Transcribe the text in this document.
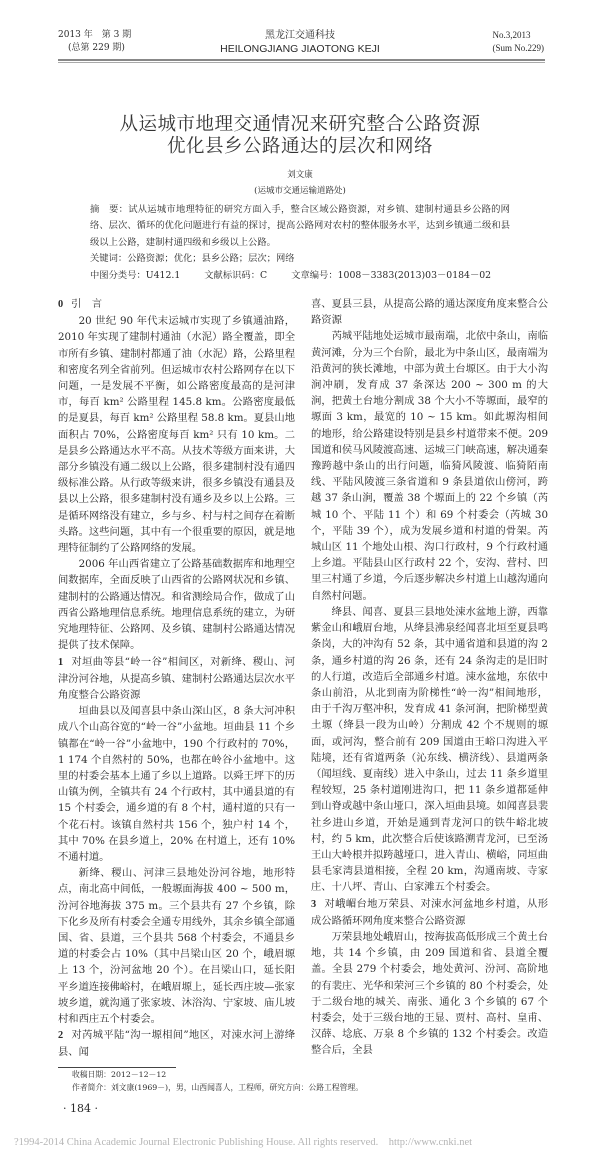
2013 年　第 3 期
(总第 229 期)
黑龙江交通科技
HEILONGJIANG JIAOTONG KEJI
No.3,2013
(Sum No.229)
从运城市地理交通情况来研究整合公路资源
优化县乡公路通达的层次和网络
刘文康
(运城市交通运输道路处)
摘　要：试从运城市地理特征的研究方面入手，整合区域公路资源，对乡镇、建制村通县乡公路的网络、层次、循环的优化问题进行有益的探讨，提高公路网对农村的整体服务水平，达到乡镇通二级和县级以上公路，建制村通四级和乡级以上公路。
关键词：公路资源；优化；县乡公路；层次；网络
中图分类号：U412.1	文献标识码：C	文章编号：1008－3383(2013)03－0184－02
0 引　言

20 世纪 90 年代末运城市实现了乡镇通油路，2010 年实现了建制村通油（水泥）路全覆盖，即全市所有乡镇、建制村都通了油（水泥）路，公路里程和密度名列全省前列。但运城市农村公路网存在以下问题，一是发展不平衡，如公路密度最高的是河津市，每百 km² 公路里程 145.8 km。公路密度最低的是夏县，每百 km² 公路里程 58.8 km。夏县山地面积占 70%，公路密度每百 km² 只有 10 km。二是县乡公路通达水平不高。从技术等级方面来讲，大部分乡镇没有通二级以上公路，很多建制村没有通四级标准公路。从行政等级来讲，很多乡镇没有通县及县以上公路，很多建制村没有通乡及乡以上公路。三是循环网络没有建立，乡与乡、村与村之间存在着断头路。这些问题，其中有一个很重要的原因，就是地理特征制约了公路网络的发展。

2006 年山西省建立了公路基础数据库和地理空间数据库，全面反映了山西省的公路网状况和乡镇、建制村的公路通达情况。和省测绘局合作，做成了山西省公路地理信息系统。地理信息系统的建立，为研究地理特征、公路网、及乡镇、建制村公路通达情况提供了技术保障。

1 对垣曲等县“岭一谷”相间区，对新绛、稷山、河津汾河谷地，从提高乡镇、建制村公路通达层次水平角度整合公路资源

垣曲县以及闻喜县中条山深山区，8 条大河冲积成八个山高谷宽的“岭一谷”小盆地。垣曲县 11 个乡镇都在“岭一谷”小盆地中，190 个行政村的 70%，1 174 个自然村的 50%，也都在岭谷小盆地中。这里的村委会基本上通了乡以上道路。以舜王坪下的历山镇为例，全镇共有 24 个行政村，其中通县道的有 15 个村委会，通乡道的有 8 个村，通村道的只有一个花石村。该镇自然村共 156 个，独户村 14 个，其中 70% 在县乡道上，20% 在村道上，还有 10% 不通村道。

新绛、稷山、河津三县地处汾河谷地，地形特点，南北高中间低，一般塬面海拔 400 ~ 500 m，汾河谷地海拔 375 m。三个县共有 27 个乡镇，除下化乡及所有村委会全通专用线外，其余乡镇全部通国、省、县道，三个县共 568 个村委会，不通县乡道的村委会占 10%（其中吕梁山区 20 个，峨眉塬上 13 个，汾河盆地 20 个）。在吕梁山口，延长阳平乡道连接佛峪村，在峨眉塬上，延长西庄坡—张家坡乡道，就沟通了张家坡、沐浴沟、宁家坡、庙儿坡村和西庄五个村委会。

2 对芮城平陆“沟一塬相间”地区，对涑水河上游绛县、闻
喜、夏县三县，从提高公路的通达深度角度来整合公路资源

芮城平陆地处运城市最南端，北依中条山，南临黄河滩，分为三个台阶，最北为中条山区，最南端为沿黄河的狭长滩地，中部为黄土台塬区。由于大小沟涧冲刷，发育成 37 条深达 200 ~ 300 m 的大涧，把黄土台地分割成 38 个大小不等塬面，最窄的塬面 3 km，最宽的 10 ~ 15 km。如此塬沟相间的地形，给公路建设特别是县乡村道带来不便。209 国道和侯马风陵渡高速、运城三门峡高速，解决通秦豫跨越中条山的出行问题，临猗风陵渡、临猗陌南线、平陆风陵渡三条省道和 9 条县道依山傍河，跨越 37 条山涧，覆盖 38 个塬面上的 22 个乡镇（芮城 10 个、平陆 11 个）和 69 个村委会（芮城 30 个，平陆 39 个），成为发展乡道和村道的骨架。芮城山区 11 个地处山根、沟口行政村，9 个行政村通上乡道。平陆县山区行政村 22 个，安沟、营村、凹里三村通了乡道，今后逐步解决乡村道上山越沟通向自然村问题。

绛县、闻喜、夏县三县地处涑水盆地上游，西靠紫金山和峨眉台地，从绛县沸泉经闻喜北垣至夏县鸣条岗，大的冲沟有 52 条，其中通省道和县道的沟 2 条，通乡村道的沟 26 条，还有 24 条沟走的是旧时的人行道，改造后全部通乡村道。涑水盆地，东依中条山前沿，从北到南为阶梯性“岭一沟”相间地形，由于千沟万壑冲积，发育成 41 条河涧，把阶梯型黄土塬（绛县一段为山岭）分割成 42 个不规则的塬面，或河沟，整合前有 209 国道由王峪口沟进入平陆境，还有省道两条（沁东线、横济线）、县道两条（闻垣线、夏南线）进入中条山，过去 11 条乡道里程较短，25 条村道刚进沟口，把 11 条乡道都延伸到山脊或越中条山垭口，深入垣曲县境。如闻喜县裴社乡进山乡道，开始是通到青龙河口的铁牛峪北坡村，约 5 km，此次整合后使该路溯青龙河，已至汤王山大岭根并拟跨越垭口，进入青山、横峪，同垣曲县毛家湾县道相接，全程 20 km，沟通南坡、寺家庄、十八坪、青山、白家滩五个村委会。

3 对峨嵋台地万荣县、对涑水河盆地乡村道，从形成公路循环网角度来整合公路资源

万荣县地处峨眉山，按海拔高低形成三个黄土台地，共 14 个乡镇，由 209 国道和省、县道全覆盖。全县 279 个村委会，地处黄河、汾河、高阶地的有裴庄、光华和荣河三个乡镇的 80 个村委会，处于二级台地的城关、南张、通化 3 个乡镇的 67 个村委会，处于三级台地的王显、贾村、高村、皇甫、汉薛、埝底、万泉 8 个乡镇的 132 个村委会。改造整合后，全县

收稿日期：2012－12－12
作者简介：刘文康(1969－)，男，山西闻喜人，工程师，研究方向：公路工程管理。
· 184 ·
?1994-2014 China Academic Journal Electronic Publishing House. All rights reserved.　http://www.cnki.net
